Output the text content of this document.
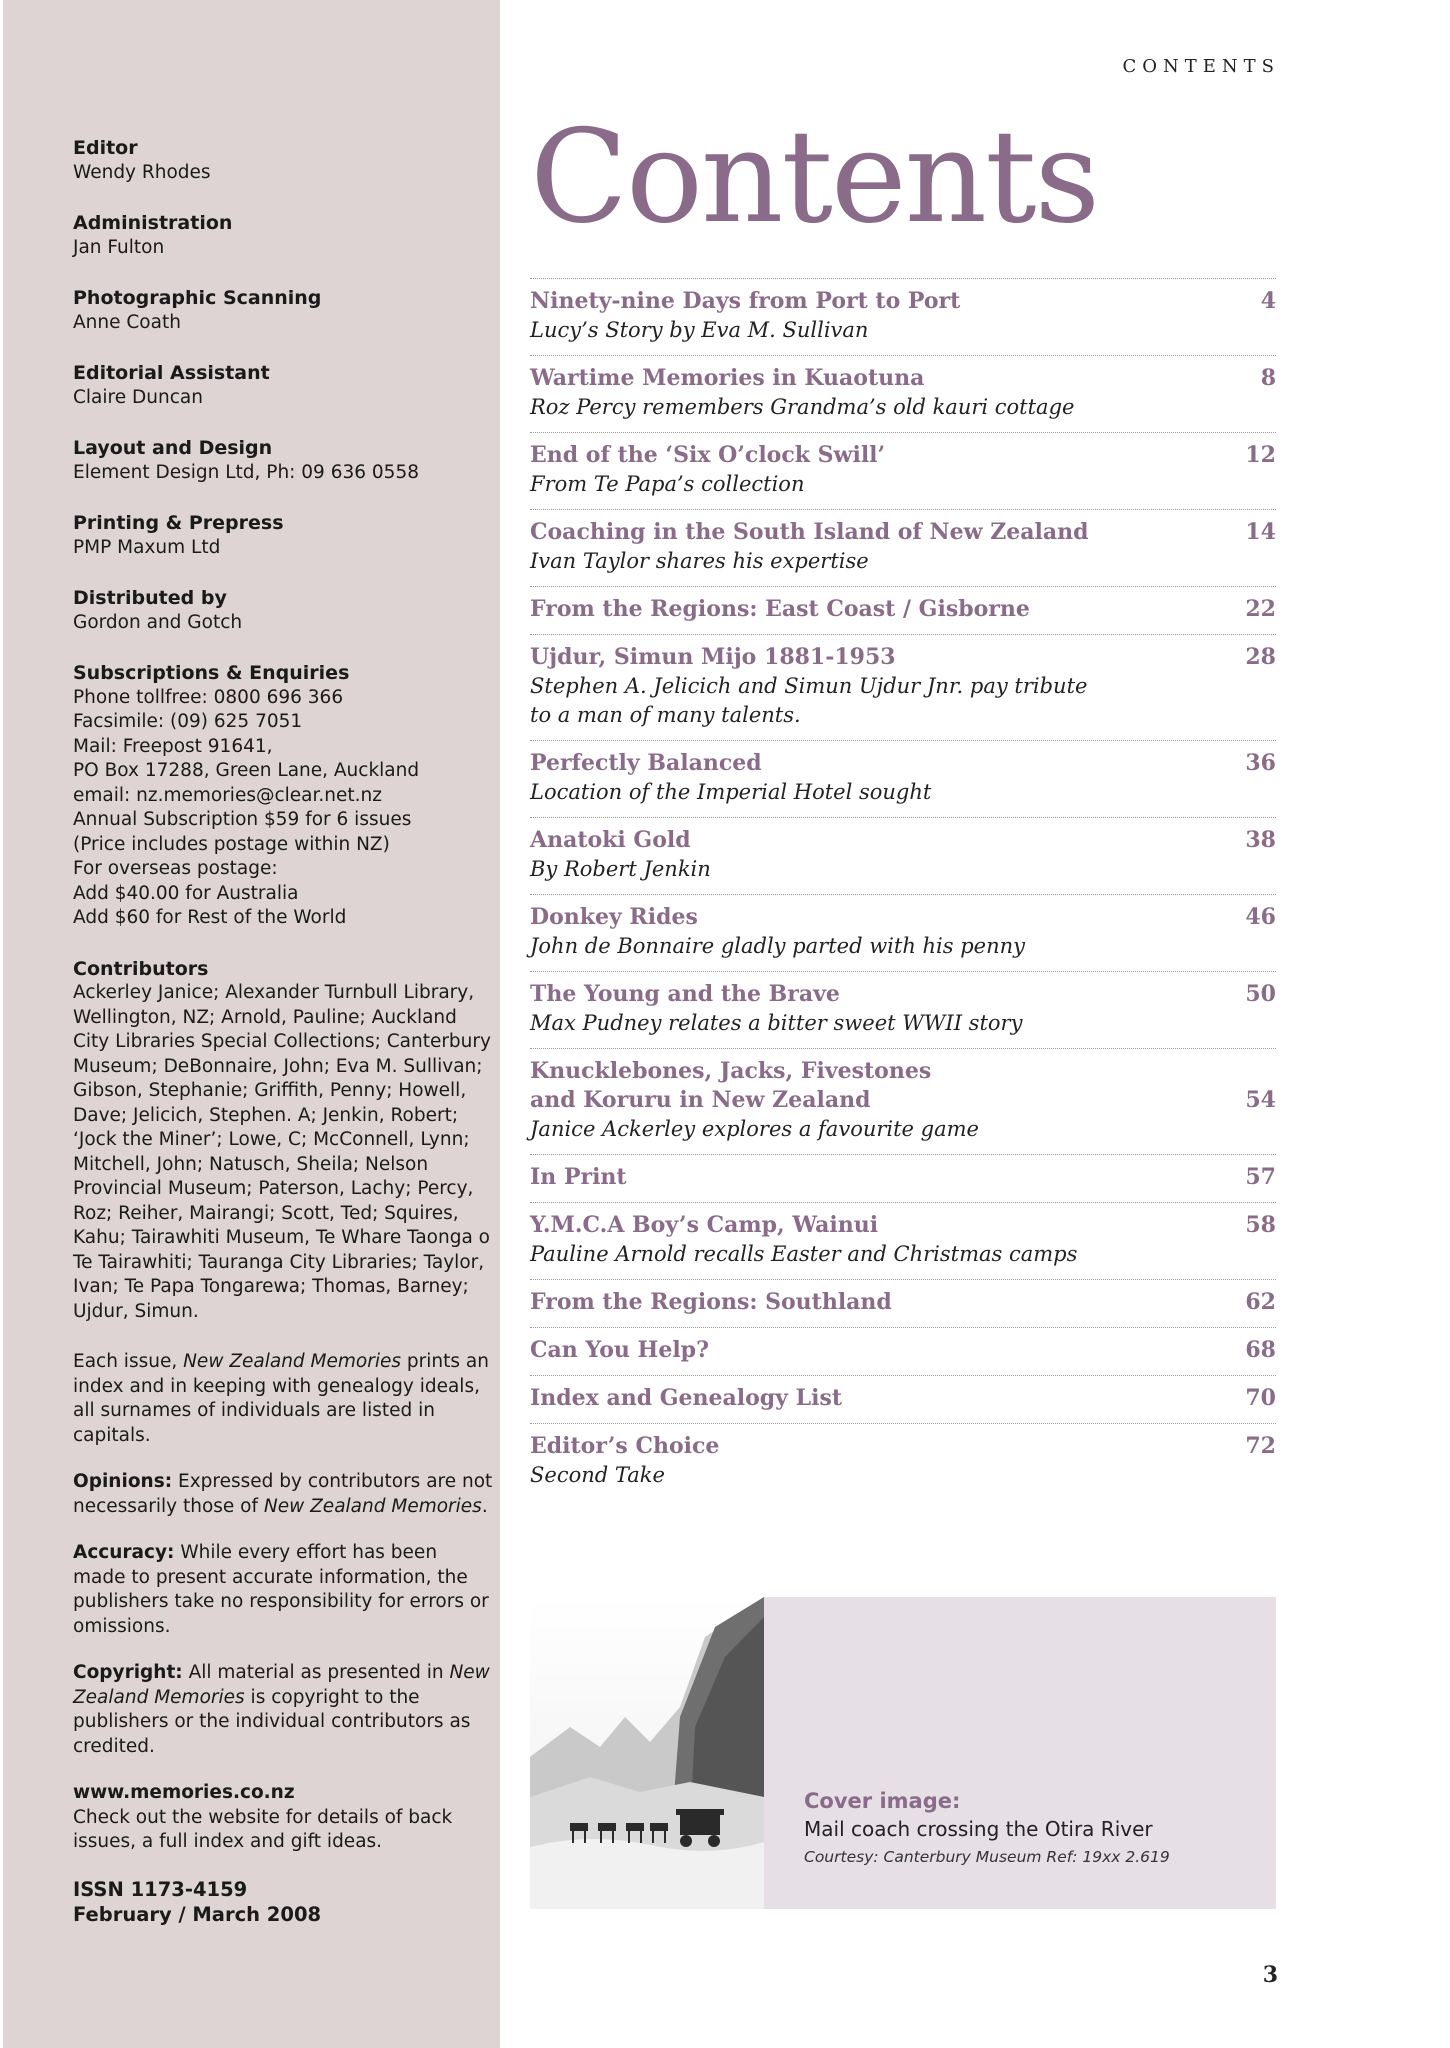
Editor
Wendy Rhodes
Administration
Jan Fulton
Photographic Scanning
Anne Coath
Editorial Assistant
Claire Duncan
Layout and Design
Element Design Ltd, Ph: 09 636 0558
Printing & Prepress
PMP Maxum Ltd
Distributed by
Gordon and Gotch
Subscriptions & Enquiries
Phone tollfree: 0800 696 366
Facsimile: (09) 625 7051
Mail: Freepost 91641,
PO Box 17288, Green Lane, Auckland
email: nz.memories@clear.net.nz
Annual Subscription $59 for 6 issues
(Price includes postage within NZ)
For overseas postage:
Add $40.00 for Australia
Add $60 for Rest of the World
Contributors
Ackerley Janice; Alexander Turnbull Library,
Wellington, NZ; Arnold, Pauline; Auckland
City Libraries Special Collections; Canterbury
Museum; DeBonnaire, John; Eva M. Sullivan;
Gibson, Stephanie; Griffith, Penny; Howell,
Dave; Jelicich, Stephen. A; Jenkin, Robert;
‘Jock the Miner’; Lowe, C; McConnell, Lynn;
Mitchell, John; Natusch, Sheila; Nelson
Provincial Museum; Paterson, Lachy; Percy,
Roz; Reiher, Mairangi; Scott, Ted; Squires,
Kahu; Tairawhiti Museum, Te Whare Taonga o
Te Tairawhiti; Tauranga City Libraries; Taylor,
Ivan; Te Papa Tongarewa; Thomas, Barney;
Ujdur, Simun.

Each issue, New Zealand Memories prints an index and in keeping with genealogy ideals, all surnames of individuals are listed in capitals.

Opinions: Expressed by contributors are not necessarily those of New Zealand Memories.

Accuracy: While every effort has been made to present accurate information, the publishers take no responsibility for errors or omissions.

Copyright: All material as presented in New Zealand Memories is copyright to the publishers or the individual contributors as credited.

www.memories.co.nz
Check out the website for details of back issues, a full index and gift ideas.

ISSN 1173-4159
February / March 2008
CONTENTS
Contents
Ninety-nine Days from Port to Port	4
Lucy’s Story by Eva M. Sullivan
Wartime Memories in Kuaotuna	8
Roz Percy remembers Grandma’s old kauri cottage
End of the ‘Six O’clock Swill’	12
From Te Papa’s collection
Coaching in the South Island of New Zealand	14
Ivan Taylor shares his expertise
From the Regions: East Coast / Gisborne	22
Ujdur, Simun Mijo 1881-1953	28
Stephen A. Jelicich and Simun Ujdur Jnr. pay tribute
to a man of many talents.
Perfectly Balanced	36
Location of the Imperial Hotel sought
Anatoki Gold	38
By Robert Jenkin
Donkey Rides	46
John de Bonnaire gladly parted with his penny
The Young and the Brave	50
Max Pudney relates a bitter sweet WWII story
Knucklebones, Jacks, Fivestones
and Koruru in New Zealand	54
Janice Ackerley explores a favourite game
In Print	57
Y.M.C.A Boy’s Camp, Wainui	58
Pauline Arnold recalls Easter and Christmas camps
From the Regions: Southland	62
Can You Help?	68
Index and Genealogy List	70
Editor’s Choice	72
Second Take
Cover image:
Mail coach crossing the Otira River
Courtesy: Canterbury Museum Ref: 19xx 2.619
3
